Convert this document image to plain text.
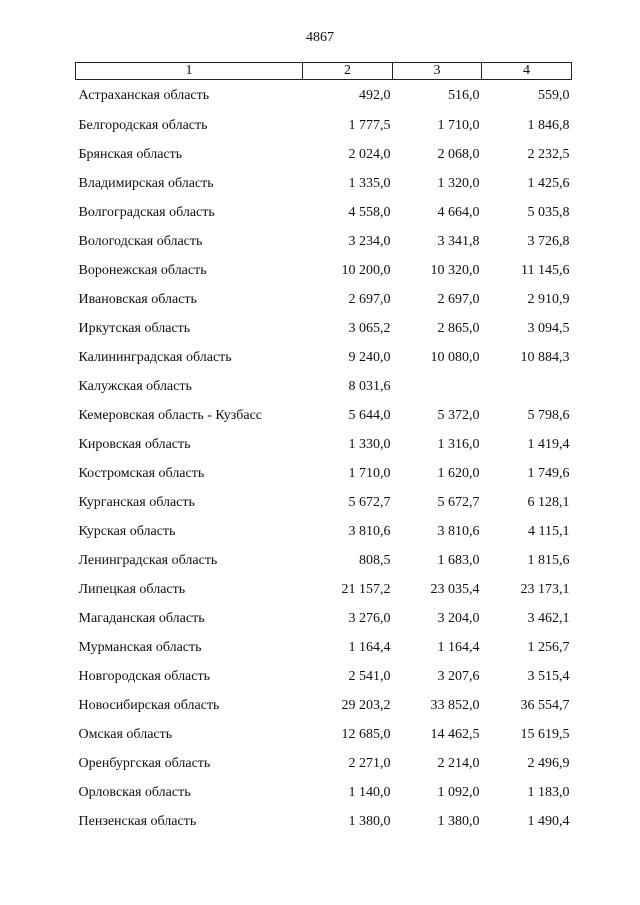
4867
1	2	3	4
Астраханская область	492,0	516,0	559,0
Белгородская область	1 777,5	1 710,0	1 846,8
Брянская область	2 024,0	2 068,0	2 232,5
Владимирская область	1 335,0	1 320,0	1 425,6
Волгоградская область	4 558,0	4 664,0	5 035,8
Вологодская область	3 234,0	3 341,8	3 726,8
Воронежская область	10 200,0	10 320,0	11 145,6
Ивановская область	2 697,0	2 697,0	2 910,9
Иркутская область	3 065,2	2 865,0	3 094,5
Калининградская область	9 240,0	10 080,0	10 884,3
Калужская область	8 031,6		
Кемеровская область - Кузбасс	5 644,0	5 372,0	5 798,6
Кировская область	1 330,0	1 316,0	1 419,4
Костромская область	1 710,0	1 620,0	1 749,6
Курганская область	5 672,7	5 672,7	6 128,1
Курская область	3 810,6	3 810,6	4 115,1
Ленинградская область	808,5	1 683,0	1 815,6
Липецкая область	21 157,2	23 035,4	23 173,1
Магаданская область	3 276,0	3 204,0	3 462,1
Мурманская область	1 164,4	1 164,4	1 256,7
Новгородская область	2 541,0	3 207,6	3 515,4
Новосибирская область	29 203,2	33 852,0	36 554,7
Омская область	12 685,0	14 462,5	15 619,5
Оренбургская область	2 271,0	2 214,0	2 496,9
Орловская область	1 140,0	1 092,0	1 183,0
Пензенская область	1 380,0	1 380,0	1 490,4
